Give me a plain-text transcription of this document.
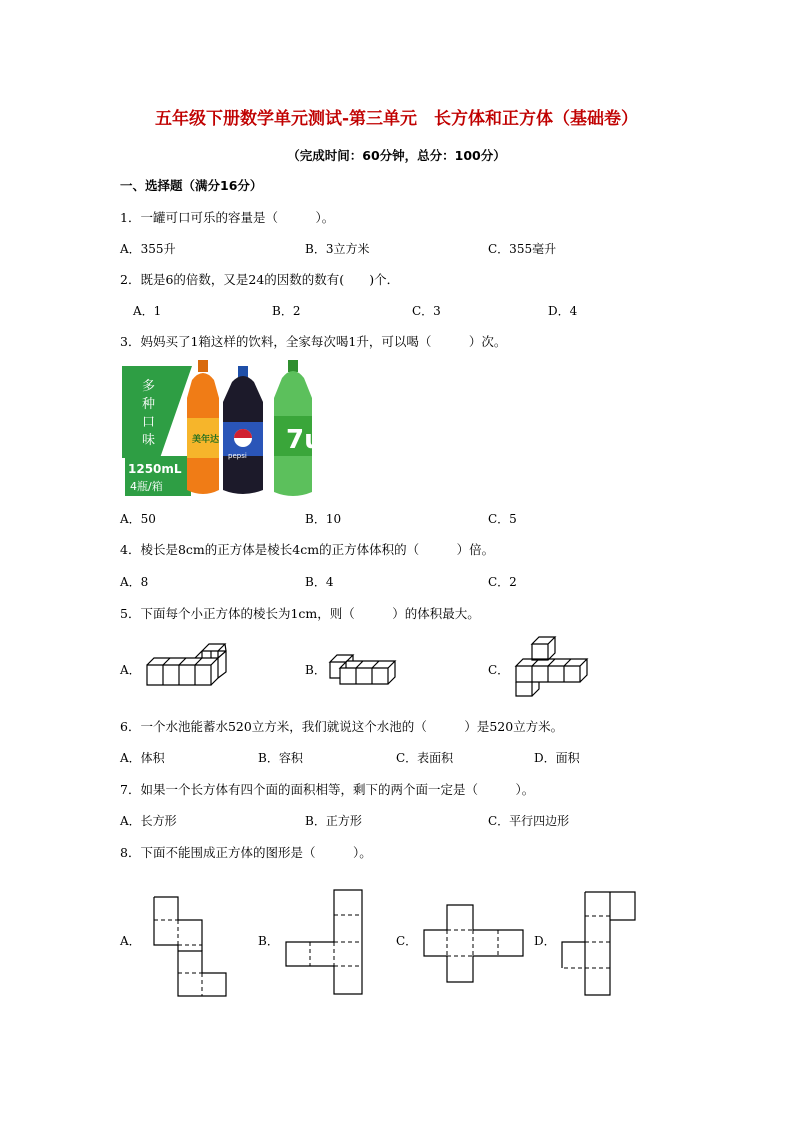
五年级下册数学单元测试-第三单元　长方体和正方体（基础卷）
（完成时间：60分钟，总分：100分）
一、选择题（满分16分）
1．一罐可口可乐的容量是（　　　）。
A．355升	B．3立方米	C．355毫升
2．既是6的倍数，又是24的因数的数有(　　)个．
A．1	B．2	C．3	D．4
3．妈妈买了1箱这样的饮料，全家每次喝1升，可以喝（　　　）次。
7up
美年达
pepsi
多
种
口
味
1250mL
4瓶/箱
A．50	B．10	C．5
4．棱长是8cm的正方体是棱长4cm的正方体体积的（　　　）倍。
A．8	B．4	C．2
5．下面每个小正方体的棱长为1cm，则（　　　）的体积最大。
A．	B．	C．
6．一个水池能蓄水520立方米，我们就说这个水池的（　　　）是520立方米。
A．体积	B．容积	C．表面积	D．面积
7．如果一个长方体有四个面的面积相等，剩下的两个面一定是（　　　）。
A．长方形	B．正方形	C．平行四边形
8．下面不能围成正方体的图形是（　　　）。
A．	B．	C．	D．
